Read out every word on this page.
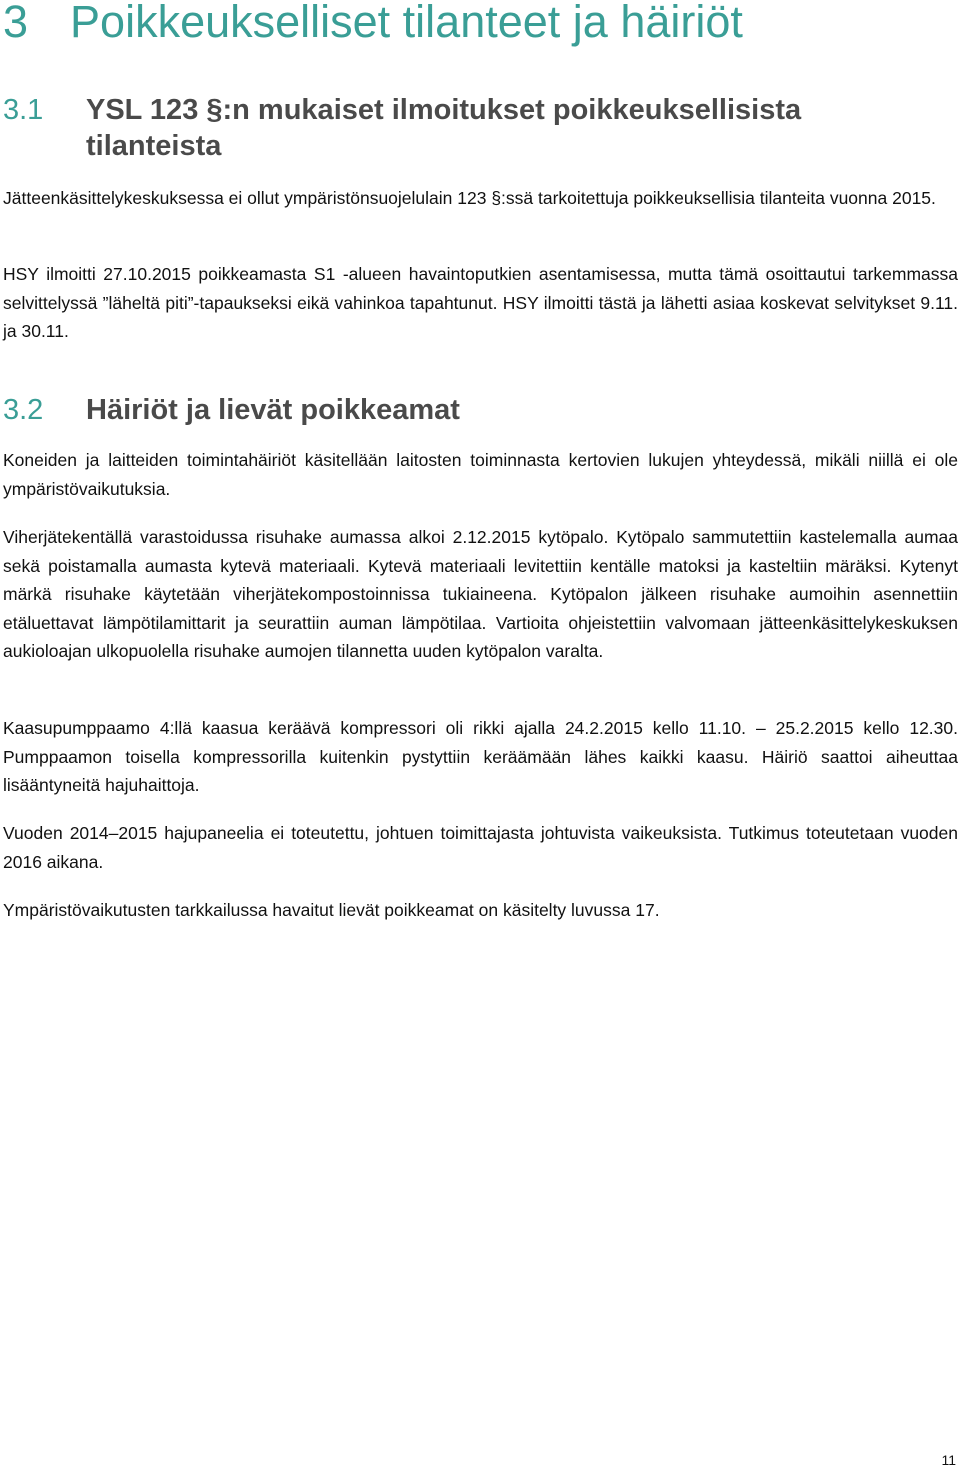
3 Poikkeukselliset tilanteet ja häiriöt
3.1 YSL 123 §:n mukaiset ilmoitukset poikkeuksellisista tilanteista

Jätteenkäsittelykeskuksessa ei ollut ympäristönsuojelulain 123 §:ssä tarkoitettuja poikkeuksellisia tilanteita vuonna 2015.

HSY ilmoitti 27.10.2015 poikkeamasta S1 -alueen havaintoputkien asentamisessa, mutta tämä osoittautui tarkemmassa selvittelyssä ”läheltä piti”-tapaukseksi eikä vahinkoa tapahtunut. HSY ilmoitti tästä ja lähetti asiaa koskevat selvitykset 9.11. ja 30.11.

3.2 Häiriöt ja lievät poikkeamat

Koneiden ja laitteiden toimintahäiriöt käsitellään laitosten toiminnasta kertovien lukujen yhteydessä, mikäli niillä ei ole ympäristövaikutuksia.

Viherjätekentällä varastoidussa risuhake aumassa alkoi 2.12.2015 kytöpalo. Kytöpalo sammutettiin kastelemalla aumaa sekä poistamalla aumasta kytevä materiaali. Kytevä materiaali levitettiin kentälle matoksi ja kasteltiin märäksi. Kytenyt märkä risuhake käytetään viherjätekompostoinnissa tukiaineena. Kytöpalon jälkeen risuhake aumoihin asennettiin etäluettavat lämpötilamittarit ja seurattiin auman lämpötilaa. Vartioita ohjeistettiin valvomaan jätteenkäsittelykeskuksen aukioloajan ulkopuolella risuhake aumojen tilannetta uuden kytöpalon varalta.

Kaasupumppaamo 4:llä kaasua keräävä kompressori oli rikki ajalla 24.2.2015 kello 11.10. – 25.2.2015 kello 12.30. Pumppaamon toisella kompressorilla kuitenkin pystyttiin keräämään lähes kaikki kaasu. Häiriö saattoi aiheuttaa lisääntyneitä hajuhaittoja.

Vuoden 2014–2015 hajupaneelia ei toteutettu, johtuen toimittajasta johtuvista vaikeuksista. Tutkimus toteutetaan vuoden 2016 aikana.

Ympäristövaikutusten tarkkailussa havaitut lievät poikkeamat on käsitelty luvussa 17.

11
